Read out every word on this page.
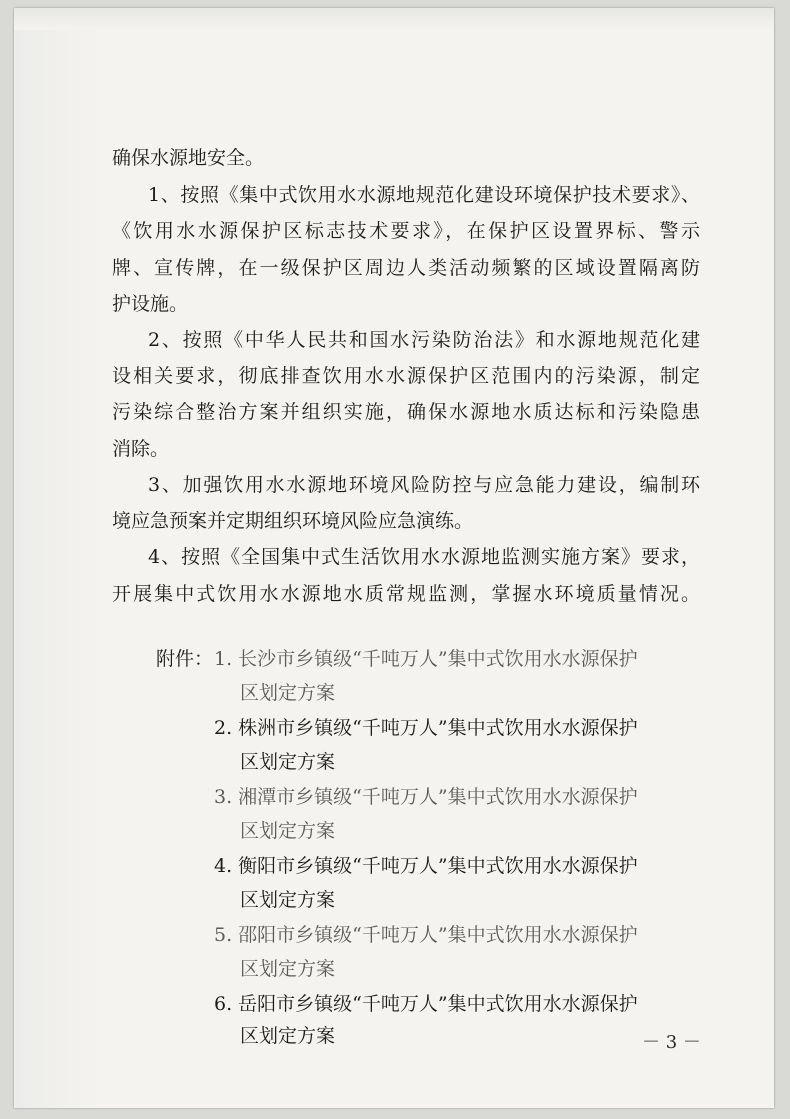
确保水源地安全。

1、按照《集中式饮用水水源地规范化建设环境保护技术要求》、

《饮用水水源保护区标志技术要求》，在保护区设置界标、警示

牌、宣传牌，在一级保护区周边人类活动频繁的区域设置隔离防

护设施。

2、按照《中华人民共和国水污染防治法》和水源地规范化建

设相关要求，彻底排查饮用水水源保护区范围内的污染源，制定

污染综合整治方案并组织实施，确保水源地水质达标和污染隐患

消除。

3、加强饮用水水源地环境风险防控与应急能力建设，编制环

境应急预案并定期组织环境风险应急演练。

4、按照《全国集中式生活饮用水水源地监测实施方案》要求，

开展集中式饮用水水源地水质常规监测，掌握水环境质量情况。

附件： 1. 长沙市乡镇级“千吨万人”集中式饮用水水源保护

区划定方案

2. 株洲市乡镇级“千吨万人”集中式饮用水水源保护

区划定方案

3. 湘潭市乡镇级“千吨万人”集中式饮用水水源保护

区划定方案

4. 衡阳市乡镇级“千吨万人”集中式饮用水水源保护

区划定方案

5. 邵阳市乡镇级“千吨万人”集中式饮用水水源保护

区划定方案

6. 岳阳市乡镇级“千吨万人”集中式饮用水水源保护

区划定方案	－ 3 －
